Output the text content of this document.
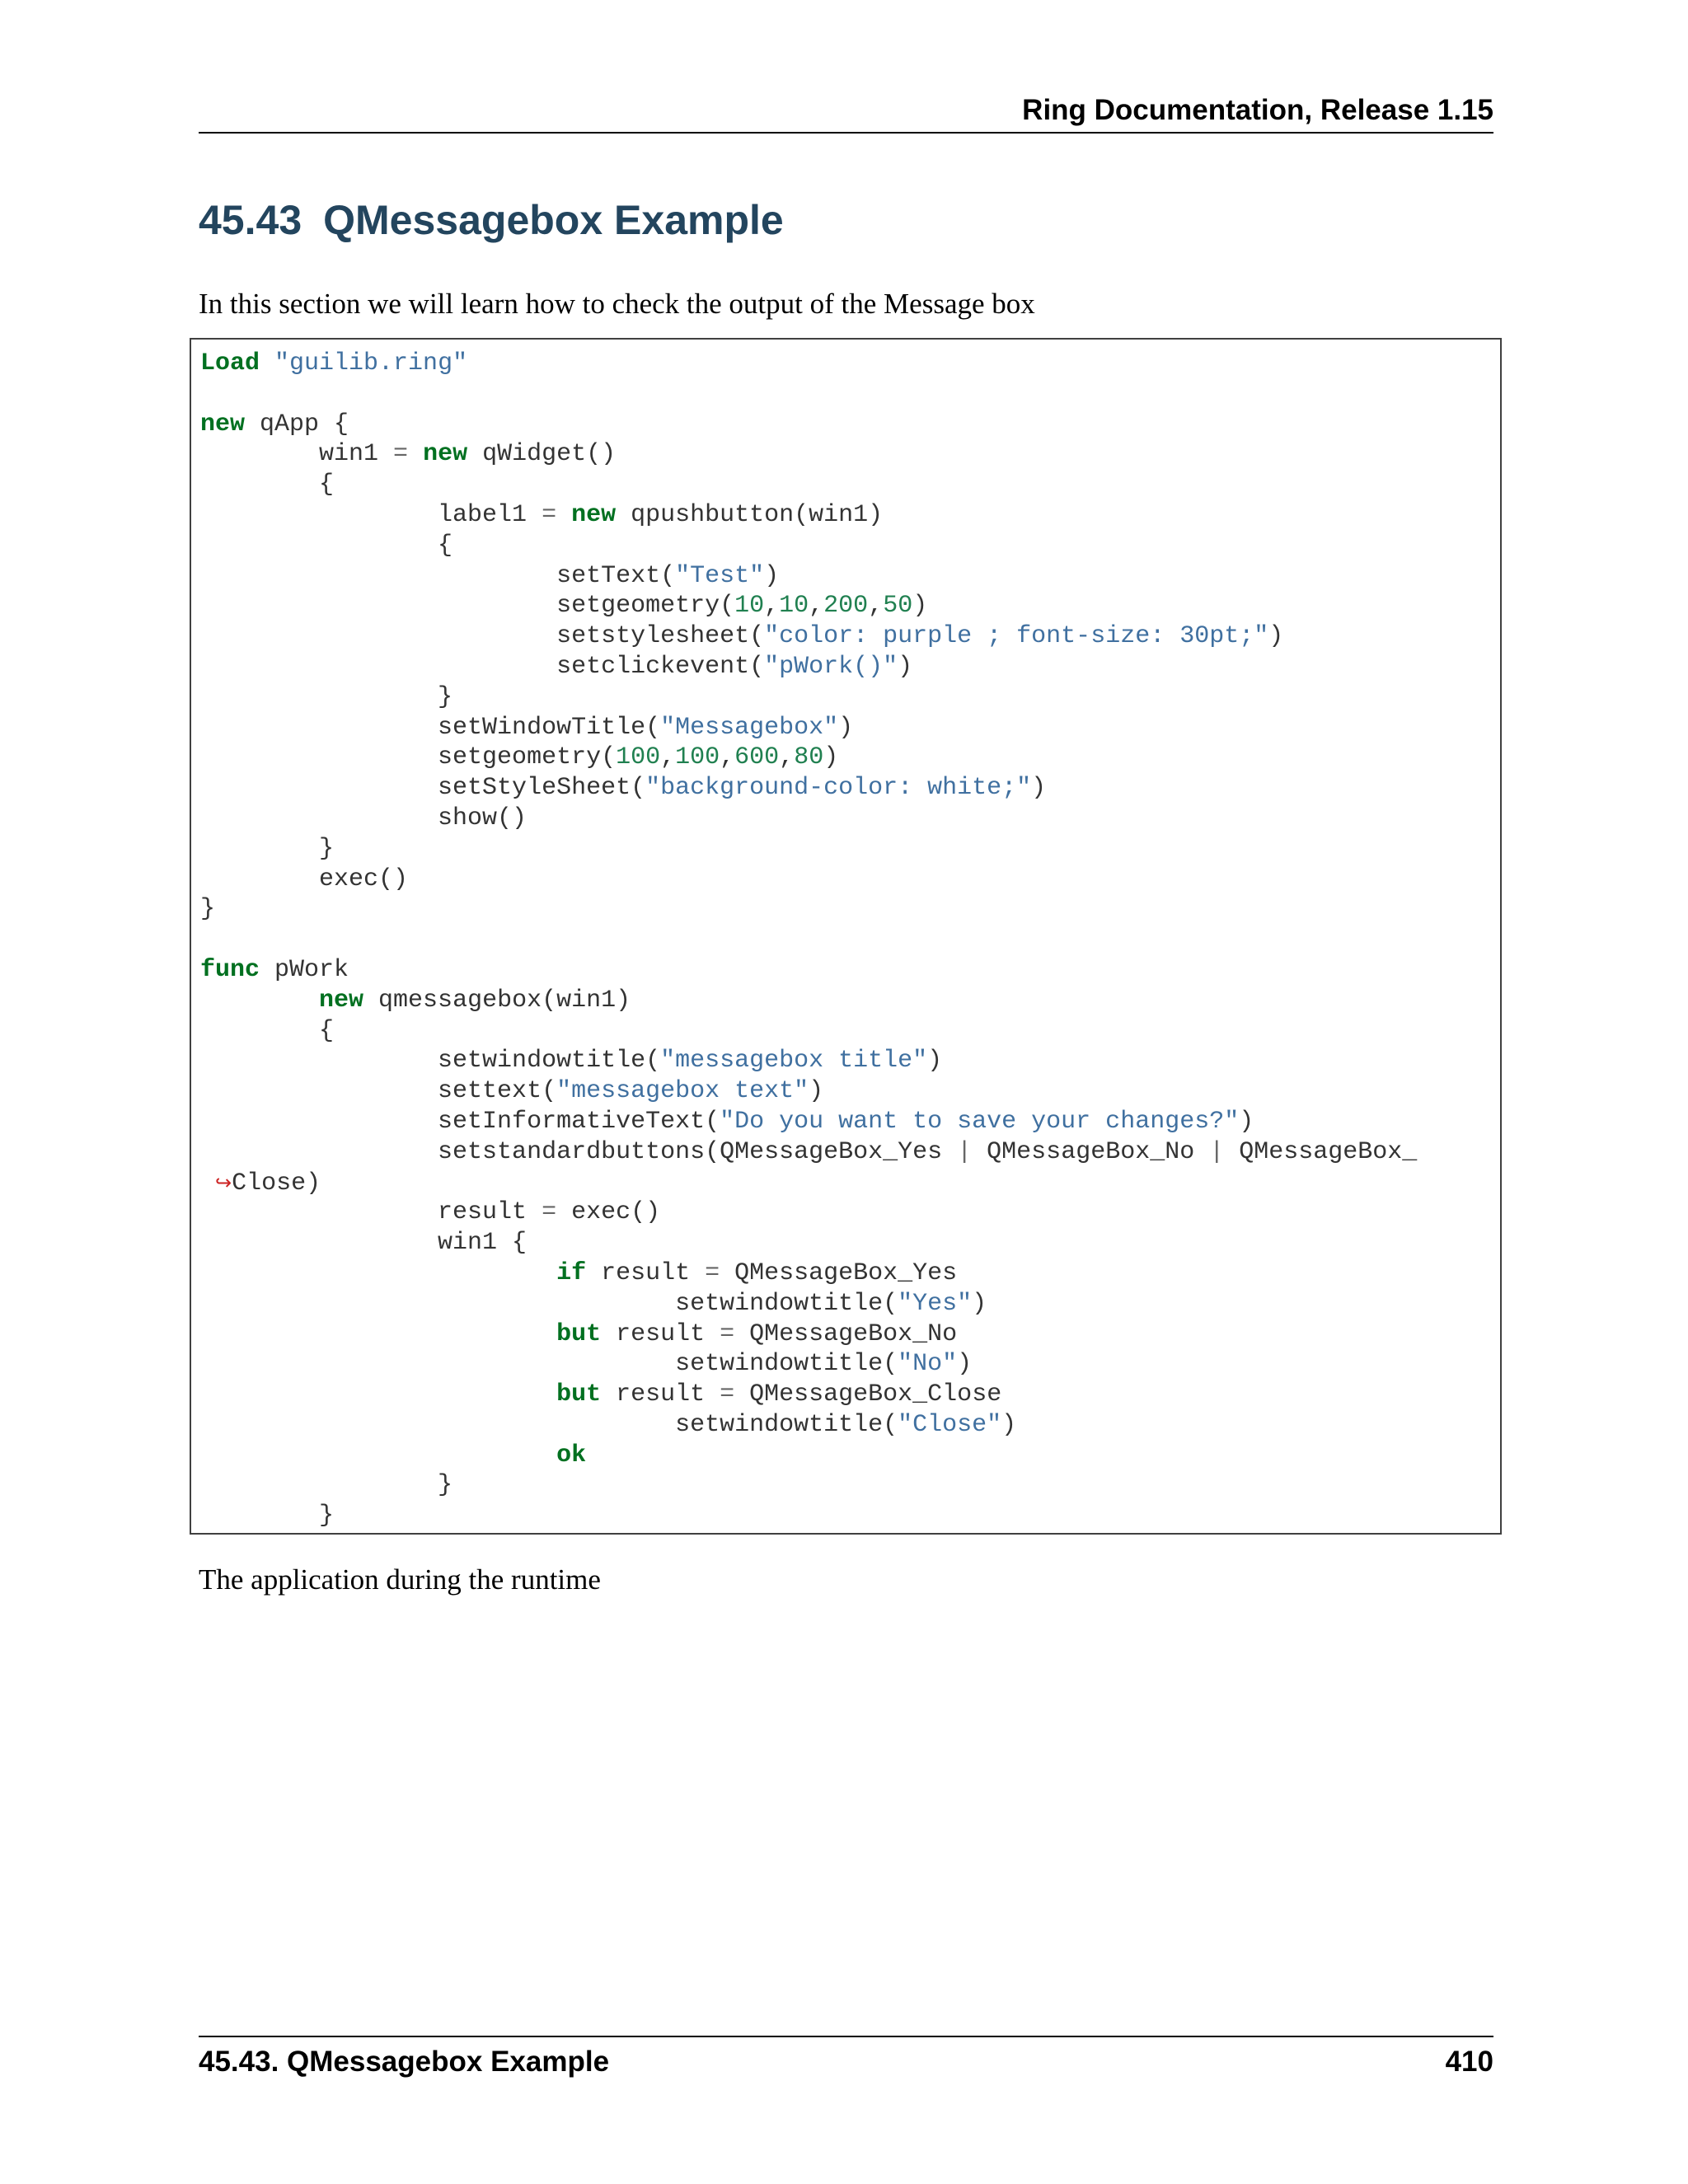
Ring Documentation, Release 1.15
45.43 QMessagebox Example

In this section we will learn how to check the output of the Message box

Load "guilib.ring"

new qApp {
win1 = new qWidget()
{
label1 = new qpushbutton(win1)
{
setText("Test")
setgeometry(10,10,200,50)
setstylesheet("color: purple ; font-size: 30pt;")
setclickevent("pWork()")
}
setWindowTitle("Messagebox")
setgeometry(100,100,600,80)
setStyleSheet("background-color: white;")
show()
}
exec()
}

func pWork
new qmessagebox(win1)
{
setwindowtitle("messagebox title")
settext("messagebox text")
setInformativeText("Do you want to save your changes?")
setstandardbuttons(QMessageBox_Yes | QMessageBox_No | QMessageBox_
↪Close)
result = exec()
win1 {
if result = QMessageBox_Yes
setwindowtitle("Yes")
but result = QMessageBox_No
setwindowtitle("No")
but result = QMessageBox_Close
setwindowtitle("Close")
ok
}
}

The application during the runtime

45.43. QMessagebox Example	410
